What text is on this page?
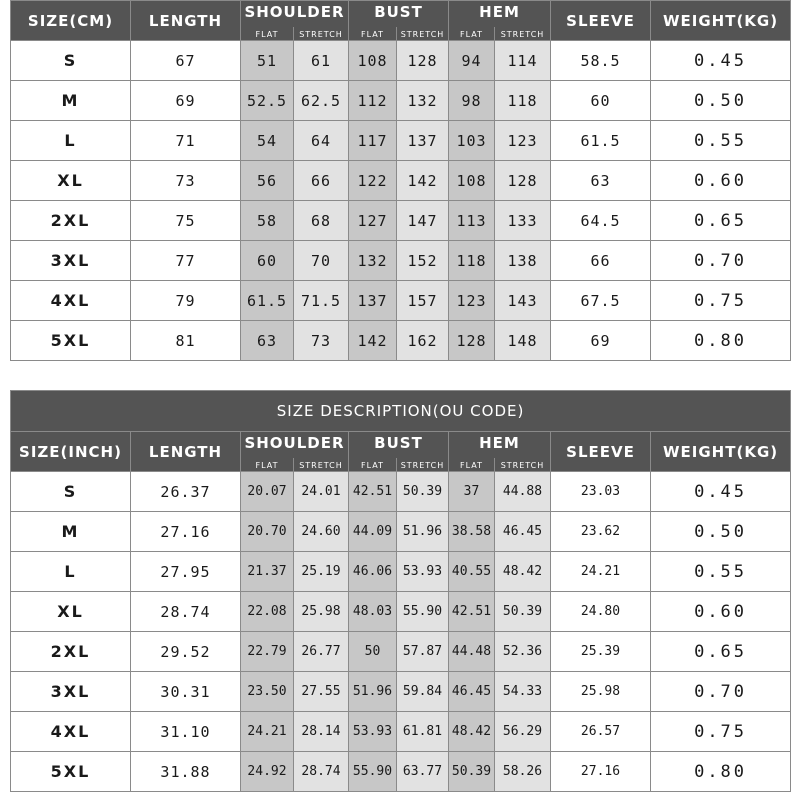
SIZE(CM)	LENGTH	SHOULDER		BUST		HEM		SLEEVE	WEIGHT(KG)
		FLAT	STRETCH	FLAT	STRETCH	FLAT	STRETCH		
S	67	51	61	108	128	94	114	58.5	0.45
M	69	52.5	62.5	112	132	98	118	60	0.50
L	71	54	64	117	137	103	123	61.5	0.55
XL	73	56	66	122	142	108	128	63	0.60
2XL	75	58	68	127	147	113	133	64.5	0.65
3XL	77	60	70	132	152	118	138	66	0.70
4XL	79	61.5	71.5	137	157	123	143	67.5	0.75
5XL	81	63	73	142	162	128	148	69	0.80
SIZE DESCRIPTION(OU CODE)									
SIZE(INCH)	LENGTH	SHOULDER		BUST		HEM		SLEEVE	WEIGHT(KG)
		FLAT	STRETCH	FLAT	STRETCH	FLAT	STRETCH		
S	26.37	20.07	24.01	42.51	50.39	37	44.88	23.03	0.45
M	27.16	20.70	24.60	44.09	51.96	38.58	46.45	23.62	0.50
L	27.95	21.37	25.19	46.06	53.93	40.55	48.42	24.21	0.55
XL	28.74	22.08	25.98	48.03	55.90	42.51	50.39	24.80	0.60
2XL	29.52	22.79	26.77	50	57.87	44.48	52.36	25.39	0.65
3XL	30.31	23.50	27.55	51.96	59.84	46.45	54.33	25.98	0.70
4XL	31.10	24.21	28.14	53.93	61.81	48.42	56.29	26.57	0.75
5XL	31.88	24.92	28.74	55.90	63.77	50.39	58.26	27.16	0.80
